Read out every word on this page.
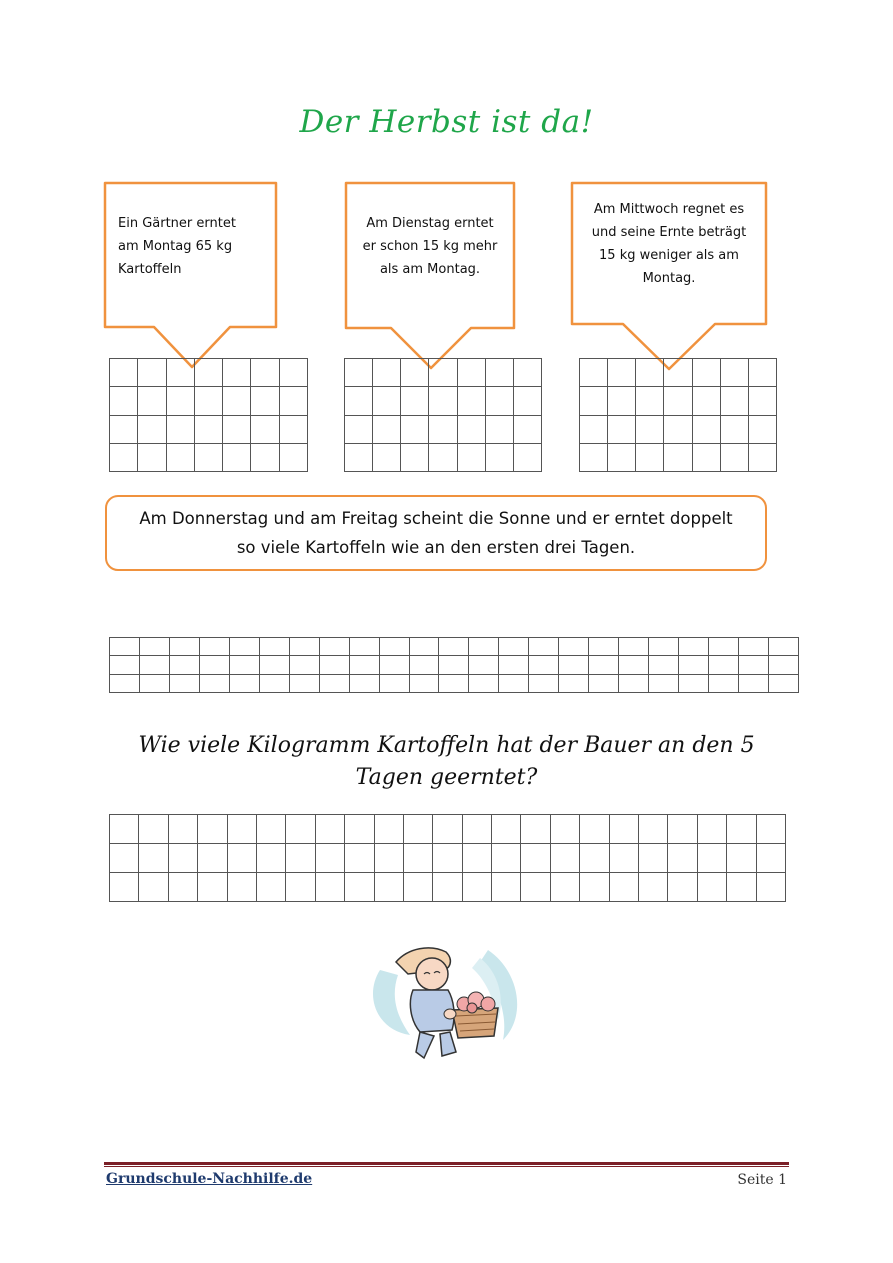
Der Herbst ist da!
Ein Gärtner erntet
am Montag 65 kg
Kartoffeln
Am Dienstag erntet
er schon 15 kg mehr
als am Montag.
Am Mittwoch regnet es
und seine Ernte beträgt
15 kg weniger als am
Montag.

Am Donnerstag und am Freitag scheint die Sonne und er erntet doppelt
so viele Kartoffeln wie an den ersten drei Tagen.

Wie viele Kilogramm Kartoffeln hat der Bauer an den 5
Tagen geerntet?

Grundschule-Nachhilfe.de	Seite 1
